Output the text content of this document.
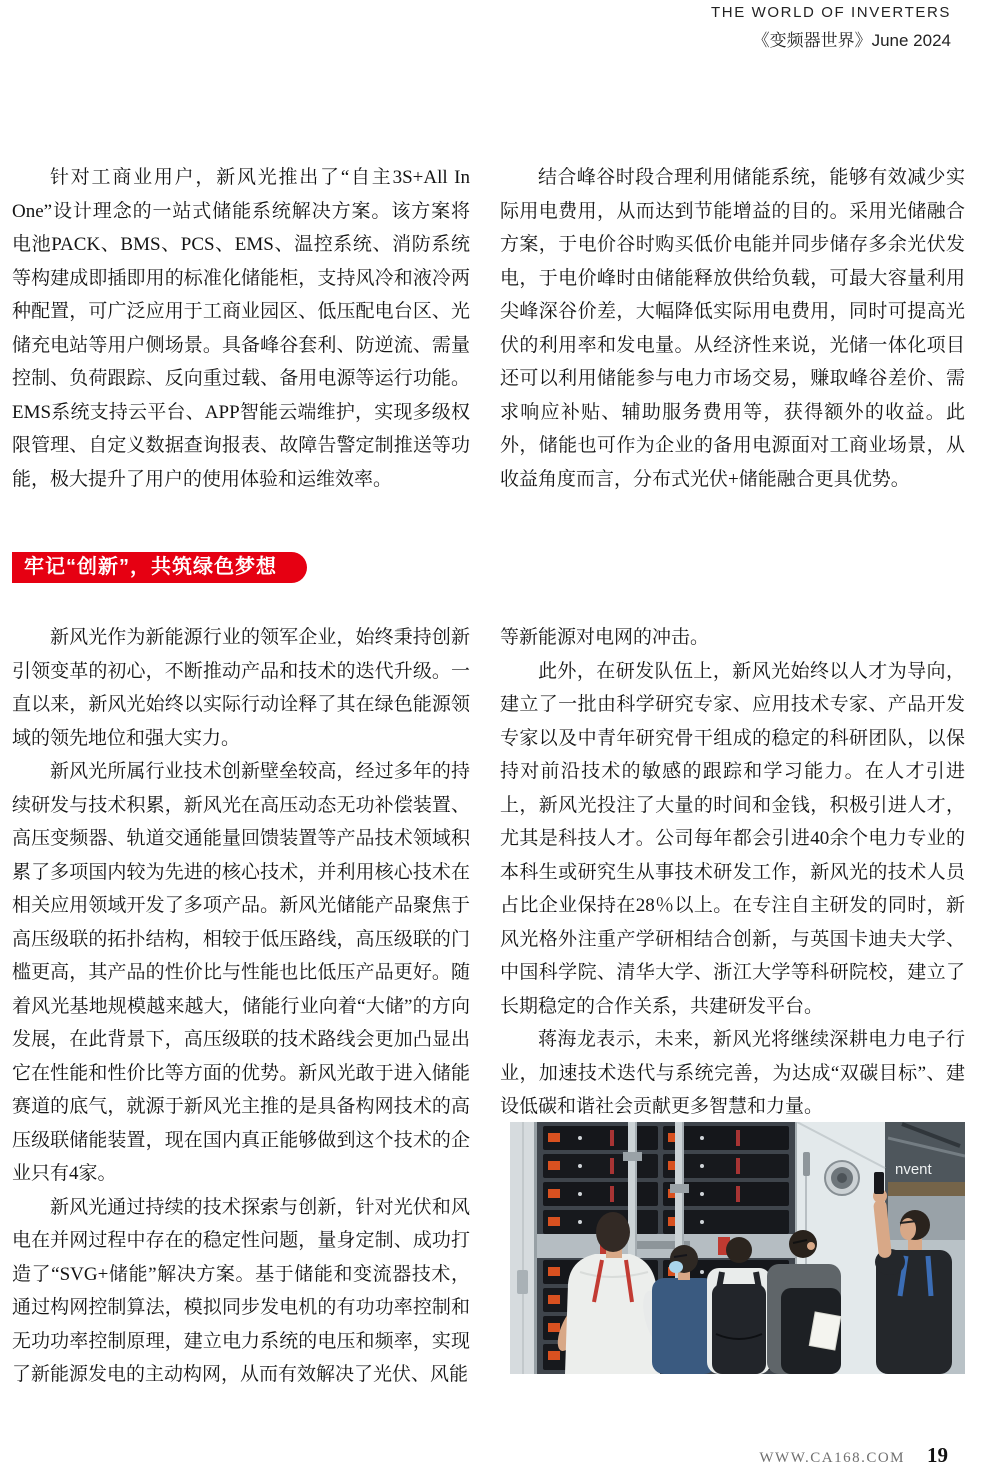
THE WORLD OF INVERTERS
《变频器世界》June 2024

针对工商业用户，新风光推出了“自主3S+All In One”设计理念的一站式储能系统解决方案。该方案将电池PACK、BMS、PCS、EMS、温控系统、消防系统等构建成即插即用的标准化储能柜，支持风冷和液冷两种配置，可广泛应用于工商业园区、低压配电台区、光储充电站等用户侧场景。具备峰谷套利、防逆流、需量控制、负荷跟踪、反向重过载、备用电源等运行功能。EMS系统支持云平台、APP智能云端维护，实现多级权限管理、自定义数据查询报表、故障告警定制推送等功能，极大提升了用户的使用体验和运维效率。

结合峰谷时段合理利用储能系统，能够有效减少实际用电费用，从而达到节能增益的目的。采用光储融合方案，于电价谷时购买低价电能并同步储存多余光伏发电，于电价峰时由储能释放供给负载，可最大容量利用尖峰深谷价差，大幅降低实际用电费用，同时可提高光伏的利用率和发电量。从经济性来说，光储一体化项目还可以利用储能参与电力市场交易，赚取峰谷差价、需求响应补贴、辅助服务费用等，获得额外的收益。此外，储能也可作为企业的备用电源面对工商业场景，从收益角度而言，分布式光伏+储能融合更具优势。

牢记“创新”，共筑绿色梦想

新风光作为新能源行业的领军企业，始终秉持创新引领变革的初心，不断推动产品和技术的迭代升级。一直以来，新风光始终以实际行动诠释了其在绿色能源领域的领先地位和强大实力。

新风光所属行业技术创新壁垒较高，经过多年的持续研发与技术积累，新风光在高压动态无功补偿装置、高压变频器、轨道交通能量回馈装置等产品技术领域积累了多项国内较为先进的核心技术，并利用核心技术在相关应用领域开发了多项产品。新风光储能产品聚焦于高压级联的拓扑结构，相较于低压路线，高压级联的门槛更高，其产品的性价比与性能也比低压产品更好。随着风光基地规模越来越大，储能行业向着“大储”的方向发展，在此背景下，高压级联的技术路线会更加凸显出它在性能和性价比等方面的优势。新风光敢于进入储能赛道的底气，就源于新风光主推的是具备构网技术的高压级联储能装置，现在国内真正能够做到这个技术的企业只有4家。

新风光通过持续的技术探索与创新，针对光伏和风电在并网过程中存在的稳定性问题，量身定制、成功打造了“SVG+储能”解决方案。基于储能和变流器技术，通过构网控制算法，模拟同步发电机的有功功率控制和无功功率控制原理，建立电力系统的电压和频率，实现了新能源发电的主动构网，从而有效解决了光伏、风能

等新能源对电网的冲击。

此外，在研发队伍上，新风光始终以人才为导向，建立了一批由科学研究专家、应用技术专家、产品开发专家以及中青年研究骨干组成的稳定的科研团队，以保持对前沿技术的敏感的跟踪和学习能力。在人才引进上，新风光投注了大量的时间和金钱，积极引进人才，尤其是科技人才。公司每年都会引进40余个电力专业的本科生或研究生从事技术研发工作，新风光的技术人员占比企业保持在28％以上。在专注自主研发的同时，新风光格外注重产学研相结合创新，与英国卡迪夫大学、中国科学院、清华大学、浙江大学等科研院校，建立了长期稳定的合作关系，共建研发平台。

蒋海龙表示，未来，新风光将继续深耕电力电子行业，加速技术迭代与系统完善，为达成“双碳目标”、建设低碳和谐社会贡献更多智慧和力量。

nvent
WWW.CA168.COM 19
